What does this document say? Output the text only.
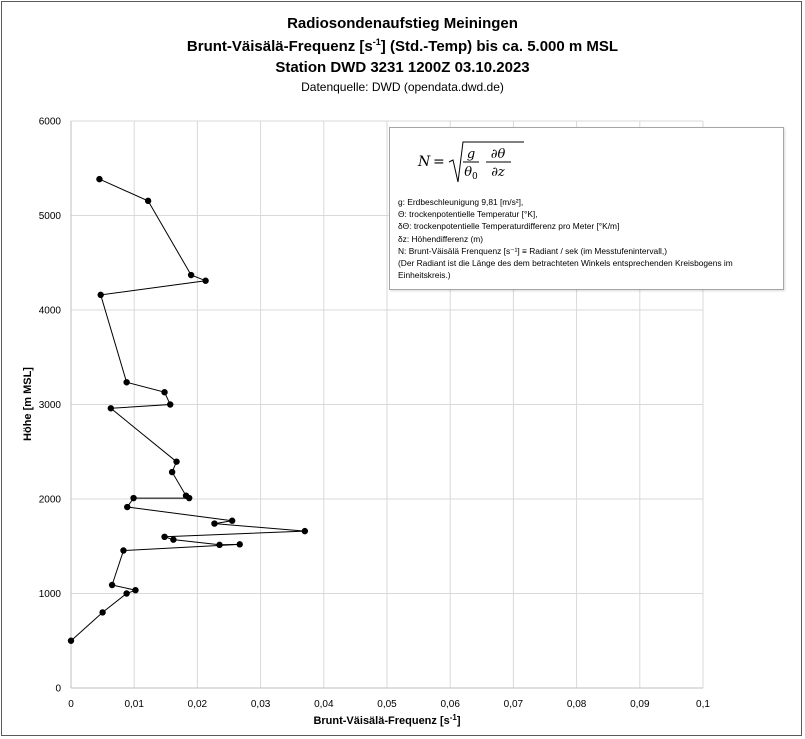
Radiosondenaufstieg Meiningen
Brunt-Väisälä-Frequenz $[s^{-1}]$ (Std.-Temp) bis ca. 5.000 m MSL
Station DWD 3231 1200Z 03.10.2023
Datenquelle: DWD (opendata.dwd.de)
0	0,01	0,02	0,03	0,04	0,05	0,06	0,07	0,08	0,09	0,1
0
1000
2000
3000
4000
5000
6000
Brunt-Väisälä-Frequenz $[s^{-1}]$
Höhe [m MSL]
N = g
$\theta_0$
∂θ
∂z
g: Erdbeschleunigung 9,81 [m/s²],
Θ: trockenpotentielle Temperatur [°K],
δΘ: trockenpotentielle Temperaturdifferenz pro Meter [°K/m]
δz: Höhendifferenz (m)
N: Brunt-Väisälä Frenquenz [s⁻¹] ≡ Radiant / sek (im Messtufenintervall,)
(Der Radiant ist die Länge des dem betrachteten Winkels entsprechenden Kreisbogens im
Einheitskreis.)
